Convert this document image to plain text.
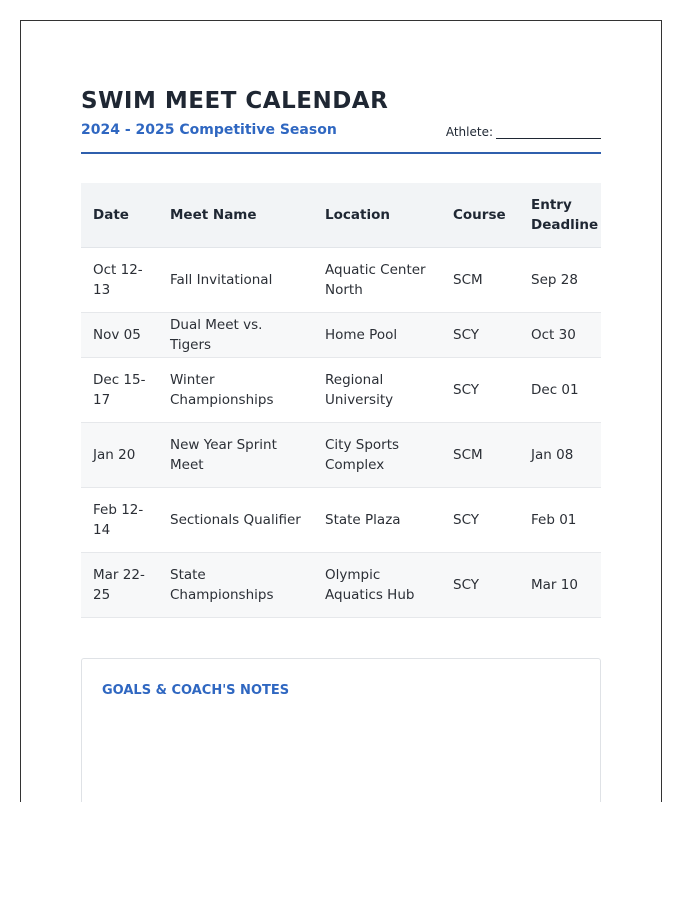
SWIM MEET CALENDAR
2024 - 2025 Competitive Season	Athlete:
Date	Meet Name	Location	Course	Entry Deadline
Oct 12-13	Fall Invitational	Aquatic Center North	SCM	Sep 28
Nov 05	Dual Meet vs. Tigers	Home Pool	SCY	Oct 30
Dec 15-17	Winter Championships	Regional University	SCY	Dec 01
Jan 20	New Year Sprint Meet	City Sports Complex	SCM	Jan 08
Feb 12-14	Sectionals Qualifier	State Plaza	SCY	Feb 01
Mar 22-25	State Championships	Olympic Aquatics Hub	SCY	Mar 10
GOALS & COACH'S NOTES
